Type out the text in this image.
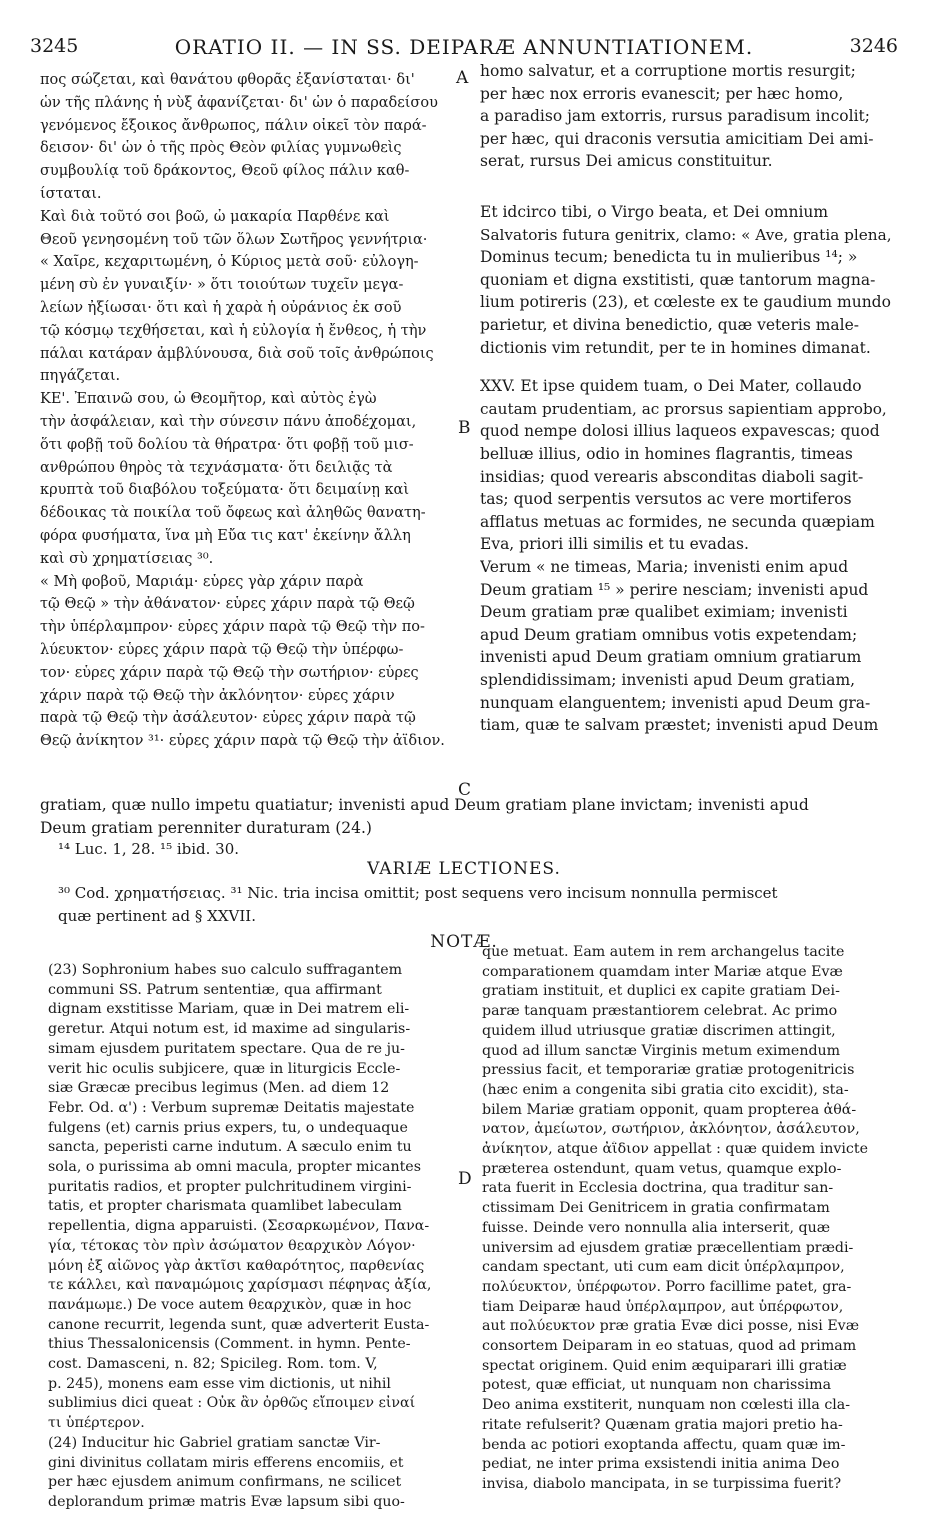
3245	ORATIO II. — IN SS. DEIPARÆ ANNUNTIATIONEM.	3246
πος σώζεται, καὶ θανάτου φθορᾶς ἐξανίσταται· δι'
ὧν τῆς πλάνης ἡ νὺξ ἀφανίζεται· δι' ὧν ὁ παραδείσου
γενόμενος ἔξοικος ἄνθρωπος, πάλιν οἰκεῖ τὸν παρά-
δεισον· δι' ὧν ὁ τῆς πρὸς Θεὸν φιλίας γυμνωθεὶς
συμβουλίᾳ τοῦ δράκοντος, Θεοῦ φίλος πάλιν καθ-
ίσταται.
Καὶ διὰ τοῦτό σοι βοῶ, ὦ μακαρία Παρθένε καὶ
Θεοῦ γενησομένη τοῦ τῶν ὅλων Σωτῆρος γεννήτρια·
« Χαῖρε, κεχαριτωμένη, ὁ Κύριος μετὰ σοῦ· εὐλογη-
μένη σὺ ἐν γυναιξίν· » ὅτι τοιούτων τυχεῖν μεγα-
λείων ἠξίωσαι· ὅτι καὶ ἡ χαρὰ ἡ οὐράνιος ἐκ σοῦ
τῷ κόσμῳ τεχθήσεται, καὶ ἡ εὐλογία ἡ ἔνθεος, ἡ τὴν
πάλαι κατάραν ἀμβλύνουσα, διὰ σοῦ τοῖς ἀνθρώποις
πηγάζεται.
ΚΕ'. Ἐπαινῶ σου, ὦ Θεομῆτορ, καὶ αὐτὸς ἐγὼ
τὴν ἀσφάλειαν, καὶ τὴν σύνεσιν πάνυ ἀποδέχομαι,
ὅτι φοβῇ τοῦ δολίου τὰ θήρατρα· ὅτι φοβῇ τοῦ μισ-
ανθρώπου θηρὸς τὰ τεχνάσματα· ὅτι δειλιᾷς τὰ
κρυπτὰ τοῦ διαβόλου τοξεύματα· ὅτι δειμαίνῃ καὶ
δέδοικας τὰ ποικίλα τοῦ ὄφεως καὶ ἀληθῶς θανατη-
φόρα φυσήματα, ἵνα μὴ Εὔα τις κατ' ἐκείνην ἄλλη
καὶ σὺ χρηματίσειας ³⁰.
« Μὴ φοβοῦ, Μαριάμ· εὗρες γὰρ χάριν παρὰ
τῷ Θεῷ » τὴν ἀθάνατον· εὗρες χάριν παρὰ τῷ Θεῷ
τὴν ὑπέρλαμπρον· εὗρες χάριν παρὰ τῷ Θεῷ τὴν πο-
λύευκτον· εὗρες χάριν παρὰ τῷ Θεῷ τὴν ὑπέρφω-
τον· εὗρες χάριν παρὰ τῷ Θεῷ τὴν σωτήριον· εὗρες
χάριν παρὰ τῷ Θεῷ τὴν ἀκλόνητον· εὗρες χάριν
παρὰ τῷ Θεῷ τὴν ἀσάλευτον· εὗρες χάριν παρὰ τῷ
Θεῷ ἀνίκητον ³¹· εὗρες χάριν παρὰ τῷ Θεῷ τὴν ἀΐδιον.
homo salvatur, et a corruptione mortis resurgit;
per hæc nox erroris evanescit; per hæc homo,
a paradiso jam extorris, rursus paradisum incolit;
per hæc, qui draconis versutia amicitiam Dei ami-
serat, rursus Dei amicus constituitur.
Et idcirco tibi, o Virgo beata, et Dei omnium
Salvatoris futura genitrix, clamo: « Ave, gratia plena,
Dominus tecum; benedicta tu in mulieribus ¹⁴; »
quoniam et digna exstitisti, quæ tantorum magna-
lium potireris (23), et cœleste ex te gaudium mundo
parietur, et divina benedictio, quæ veteris male-
dictionis vim retundit, per te in homines dimanat.
XXV. Et ipse quidem tuam, o Dei Mater, collaudo
cautam prudentiam, ac prorsus sapientiam approbo,
quod nempe dolosi illius laqueos expavescas; quod
belluæ illius, odio in homines flagrantis, timeas
insidias; quod verearis absconditas diaboli sagit-
tas; quod serpentis versutos ac vere mortiferos
afflatus metuas ac formides, ne secunda quæpiam
Eva, priori illi similis et tu evadas.
Verum « ne timeas, Maria; invenisti enim apud
Deum gratiam ¹⁵ » perire nesciam; invenisti apud
Deum gratiam præ qualibet eximiam; invenisti
apud Deum gratiam omnibus votis expetendam;
invenisti apud Deum gratiam omnium gratiarum
splendidissimam; invenisti apud Deum gratiam,
nunquam elanguentem; invenisti apud Deum gra-
tiam, quæ te salvam præstet; invenisti apud Deum
gratiam, quæ nullo impetu quatiatur; invenisti apud Deum gratiam plane invictam; invenisti apud
Deum gratiam perenniter duraturam (24.)
A
B
C
D
¹⁴ Luc. 1, 28. ¹⁵ ibid. 30.
VARIÆ LECTIONES.
³⁰ Cod. χρηματήσειας. ³¹ Nic. tria incisa omittit; post sequens vero incisum nonnulla permiscet
quæ pertinent ad § XXVII.
NOTÆ.
(23) Sophronium habes suo calculo suffragantem
communi SS. Patrum sententiæ, qua affirmant
dignam exstitisse Mariam, quæ in Dei matrem eli-
geretur. Atqui notum est, id maxime ad singularis-
simam ejusdem puritatem spectare. Qua de re ju-
verit hic oculis subjicere, quæ in liturgicis Eccle-
siæ Græcæ precibus legimus (Men. ad diem 12
Febr. Od. α') : Verbum supremæ Deitatis majestate
fulgens (et) carnis prius expers, tu, o undequaque
sancta, peperisti carne indutum. A sæculo enim tu
sola, o purissima ab omni macula, propter micantes
puritatis radios, et propter pulchritudinem virgini-
tatis, et propter charismata quamlibet labeculam
repellentia, digna apparuisti. (Σεσαρκωμένον, Πανα-
γία, τέτοκας τὸν πρὶν ἀσώματον θεαρχικὸν Λόγον·
μόνη ἐξ αἰῶνος γὰρ ἀκτῖσι καθαρότητος, παρθενίας
τε κάλλει, καὶ παναμώμοις χαρίσμασι πέφηνας ἀξία,
πανάμωμε.) De voce autem θεαρχικὸν, quæ in hoc
canone recurrit, legenda sunt, quæ adverterit Eusta-
thius Thessalonicensis (Comment. in hymn. Pente-
cost. Damasceni, n. 82; Spicileg. Rom. tom. V,
p. 245), monens eam esse vim dictionis, ut nihil
sublimius dici queat : Οὐκ ἂν ὀρθῶς εἴποιμεν εἶναί
τι ὑπέρτερον.
(24) Inducitur hic Gabriel gratiam sanctæ Vir-
gini divinitus collatam miris efferens encomiis, et
per hæc ejusdem animum confirmans, ne scilicet
deplorandum primæ matris Evæ lapsum sibi quo-
que metuat. Eam autem in rem archangelus tacite
comparationem quamdam inter Mariæ atque Evæ
gratiam instituit, et duplici ex capite gratiam Dei-
paræ tanquam præstantiorem celebrat. Ac primo
quidem illud utriusque gratiæ discrimen attingit,
quod ad illum sanctæ Virginis metum eximendum
pressius facit, et temporariæ gratiæ protogenitricis
(hæc enim a congenita sibi gratia cito excidit), sta-
bilem Mariæ gratiam opponit, quam propterea ἀθά-
νατον, ἀμείωτον, σωτήριον, ἀκλόνητον, ἀσάλευτον,
ἀνίκητον, atque ἀΐδιον appellat : quæ quidem invicte
præterea ostendunt, quam vetus, quamque explo-
rata fuerit in Ecclesia doctrina, qua traditur san-
ctissimam Dei Genitricem in gratia confirmatam
fuisse. Deinde vero nonnulla alia interserit, quæ
universim ad ejusdem gratiæ præcellentiam prædi-
candam spectant, uti cum eam dicit ὑπέρλαμπρον,
πολύευκτον, ὑπέρφωτον. Porro facillime patet, gra-
tiam Deiparæ haud ὑπέρλαμπρον, aut ὑπέρφωτον,
aut πολύευκτον præ gratia Evæ dici posse, nisi Evæ
consortem Deiparam in eo statuas, quod ad primam
spectat originem. Quid enim æquiparari illi gratiæ
potest, quæ efficiat, ut nunquam non charissima
Deo anima exstiterit, nunquam non cœlesti illa cla-
ritate refulserit? Quænam gratia majori pretio ha-
benda ac potiori exoptanda affectu, quam quæ im-
pediat, ne inter prima exsistendi initia anima Deo
invisa, diabolo mancipata, in se turpissima fuerit?
